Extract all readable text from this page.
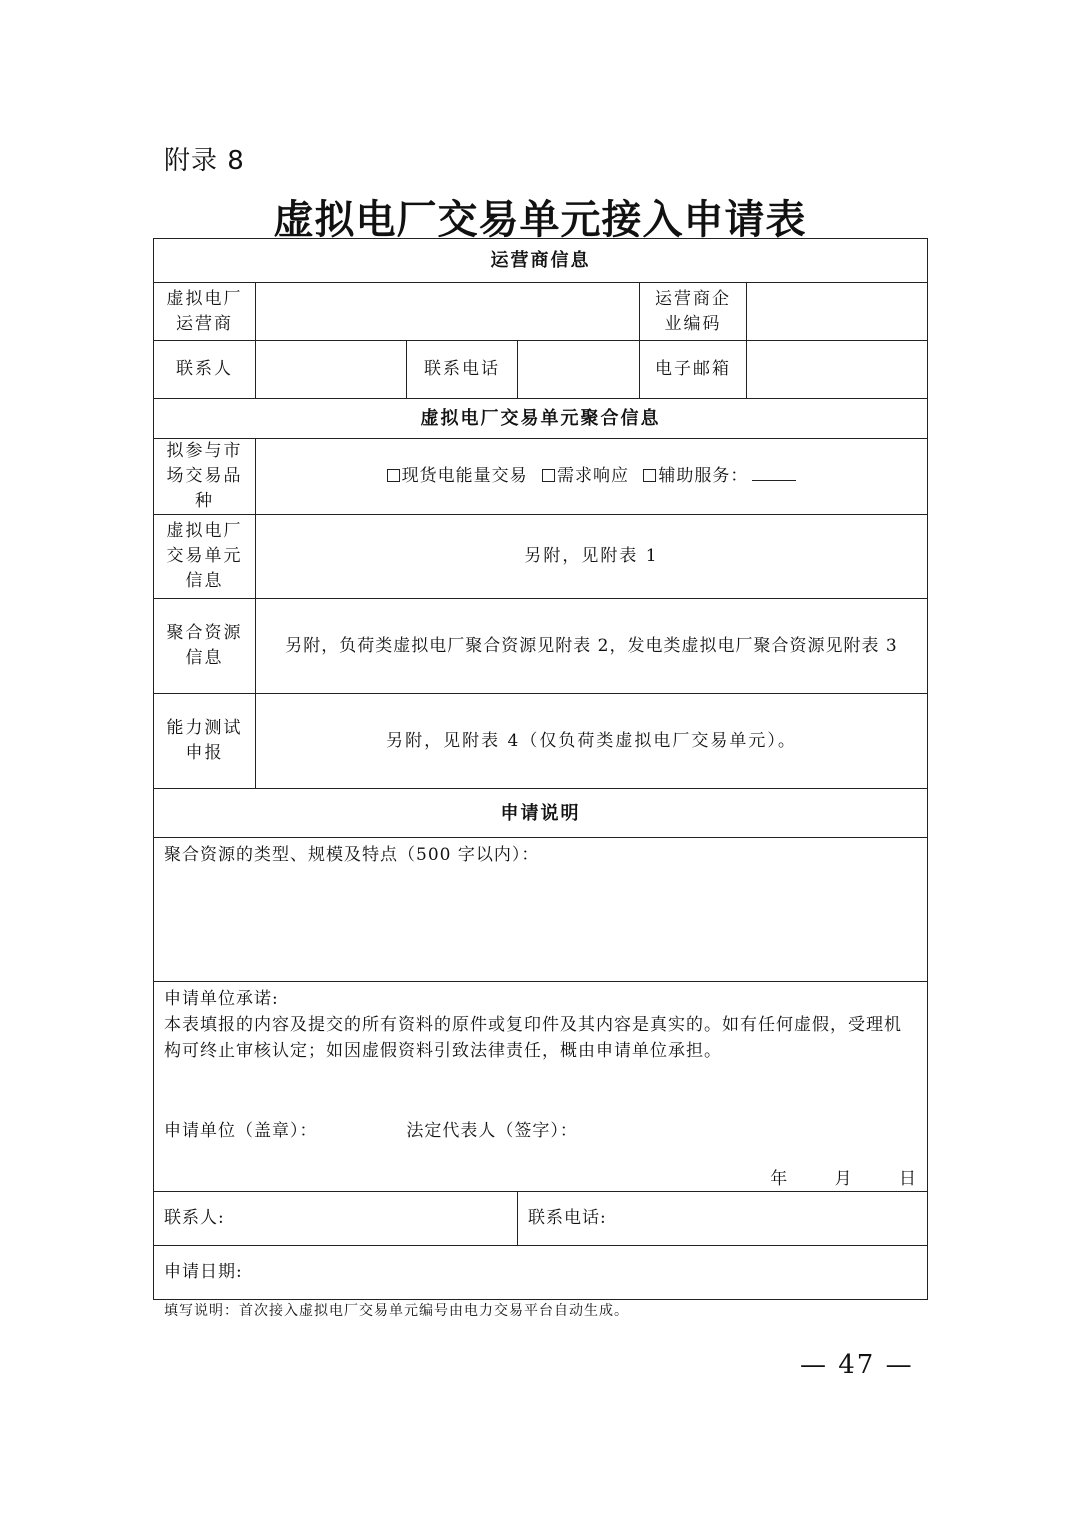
附录 8
虚拟电厂交易单元接入申请表
运营商信息					
虚拟电厂运营商				运营商企业编码	
联系人		联系电话		电子邮箱	
虚拟电厂交易单元聚合信息					
拟参与市场交易品种	现货电能量交易 需求响应 辅助服务：				
虚拟电厂交易单元信息	另附，见附表 1				
聚合资源信息	另附，负荷类虚拟电厂聚合资源见附表 2，发电类虚拟电厂聚合资源见附表 3				
能力测试申报	另附，见附表 4（仅负荷类虚拟电厂交易单元）。				
申请说明					
聚合资源的类型、规模及特点（500 字以内）：					

申请单位承诺:
本表填报的内容及提交的所有资料的原件或复印件及其内容是真实的。如有任何虚假，受理机构可终止审核认定；如因虚假资料引致法律责任，概由申请单位承担。
申请单位（盖章）： 法定代表人（签字）：
年 月 日					

联系人:			联系电话:		
申请日期:					
填写说明：首次接入虚拟电厂交易单元编号由电力交易平台自动生成。
— 47 —
